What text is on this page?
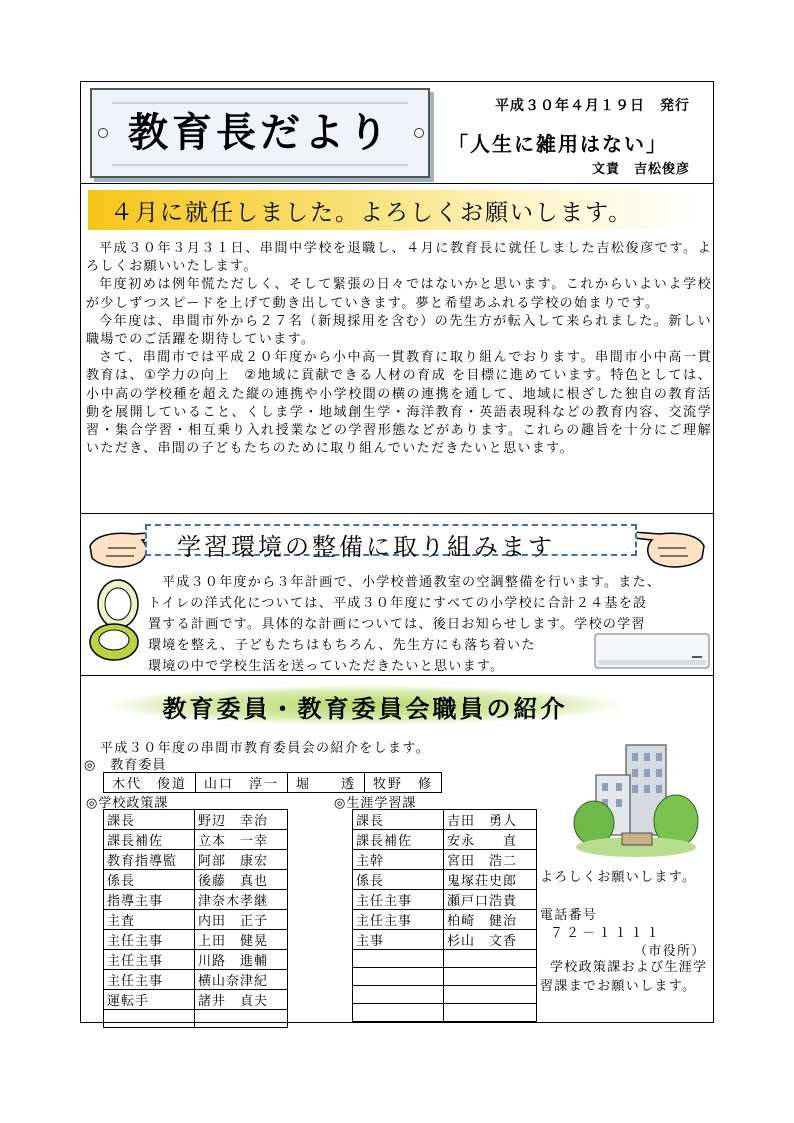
教育長だより
平成３０年４月１９日　発行
「人生に雑用はない」
文責　吉松俊彦
４月に就任しました。よろしくお願いします。

平成３０年３月３１日、串間中学校を退職し、４月に教育長に就任しました吉松俊彦です。よろしくお願いいたします。

年度初めは例年慌ただしく、そして緊張の日々ではないかと思います。これからいよいよ学校が少しずつスピードを上げて動き出していきます。夢と希望あふれる学校の始まりです。

今年度は、串間市外から２７名（新規採用を含む）の先生方が転入して来られました。新しい職場でのご活躍を期待しています。

さて、串間市では平成２０年度から小中高一貫教育に取り組んでおります。串間市小中高一貫教育は、①学力の向上　②地域に貢献できる人材の育成 を目標に進めています。特色としては、小中高の学校種を超えた縦の連携や小学校間の横の連携を通して、地域に根ざした独自の教育活動を展開していること、くしま学・地域創生学・海洋教育・英語表現科などの教育内容、交流学習・集合学習・相互乗り入れ授業などの学習形態などがあります。これらの趣旨を十分にご理解いただき、串間の子どもたちのために取り組んでいただきたいと思います。

学習環境の整備に取り組みます
平成３０年度から３年計画で、小学校普通教室の空調整備を行います。また、
トイレの洋式化については、平成３０年度にすべての小学校に合計２４基を設
置する計画です。具体的な計画については、後日お知らせします。学校の学習
環境を整え、子どもたちはもちろん、先生方にも落ち着いた
環境の中で学校生活を送っていただきたいと思います。
教育委員・教育委員会職員の紹介
平成３０年度の串間市教育委員会の紹介をします。
◎　教育委員
木代　俊道	山口　淳一	堀　　透	牧野　修
◎学校政策課
課長	野辺　幸治
課長補佐	立本　一幸
教育指導監	阿部　康宏
係長	後藤　真也
指導主事	津奈木孝継
主査	内田　正子
主任主事	上田　健晃
主任主事	川路　進輔
主任主事	横山奈津紀
運転手	諸井　貞夫

◎生涯学習課
課長	吉田　勇人
課長補佐	安永　　直
主幹	宮田　浩二
係長	鬼塚荘史郎
主任主事	瀬戸口浩貴
主任主事	柏崎　健治
主事	杉山　文香

よろしくお願いします。
電話番号
７２－１１１１
（市役所）
学校政策課および生涯学習課までお願いします。
